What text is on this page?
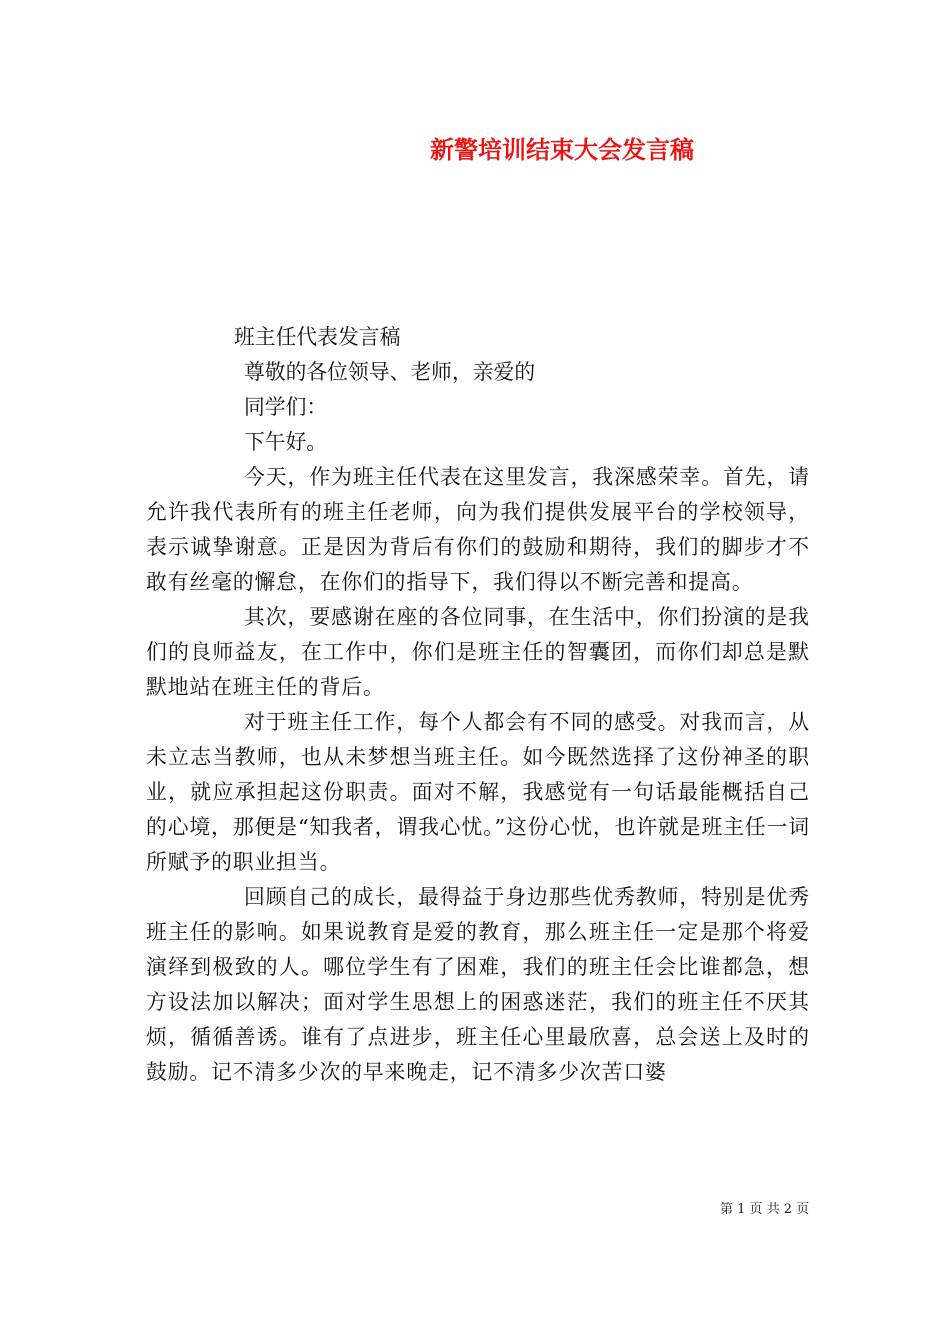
新警培训结束大会发言稿

班主任代表发言稿

尊敬的各位领导、老师，亲爱的

同学们：

下午好。

今天，作为班主任代表在这里发言，我深感荣幸。首先，请允许我代表所有的班主任老师，向为我们提供发展平台的学校领导，表示诚挚谢意。正是因为背后有你们的鼓励和期待，我们的脚步才不敢有丝毫的懈怠，在你们的指导下，我们得以不断完善和提高。

其次，要感谢在座的各位同事，在生活中，你们扮演的是我们的良师益友，在工作中，你们是班主任的智囊团，而你们却总是默默地站在班主任的背后。

对于班主任工作，每个人都会有不同的感受。对我而言，从未立志当教师，也从未梦想当班主任。如今既然选择了这份神圣的职业，就应承担起这份职责。面对不解，我感觉有一句话最能概括自己的心境，那便是“知我者，谓我心忧。”这份心忧，也许就是班主任一词所赋予的职业担当。

回顾自己的成长，最得益于身边那些优秀教师，特别是优秀班主任的影响。如果说教育是爱的教育，那么班主任一定是那个将爱演绎到极致的人。哪位学生有了困难，我们的班主任会比谁都急，想方设法加以解决；面对学生思想上的困惑迷茫，我们的班主任不厌其烦，循循善诱。谁有了点进步，班主任心里最欣喜，总会送上及时的鼓励。记不清多少次的早来晚走，记不清多少次苦口婆

第 1 页 共 2 页
